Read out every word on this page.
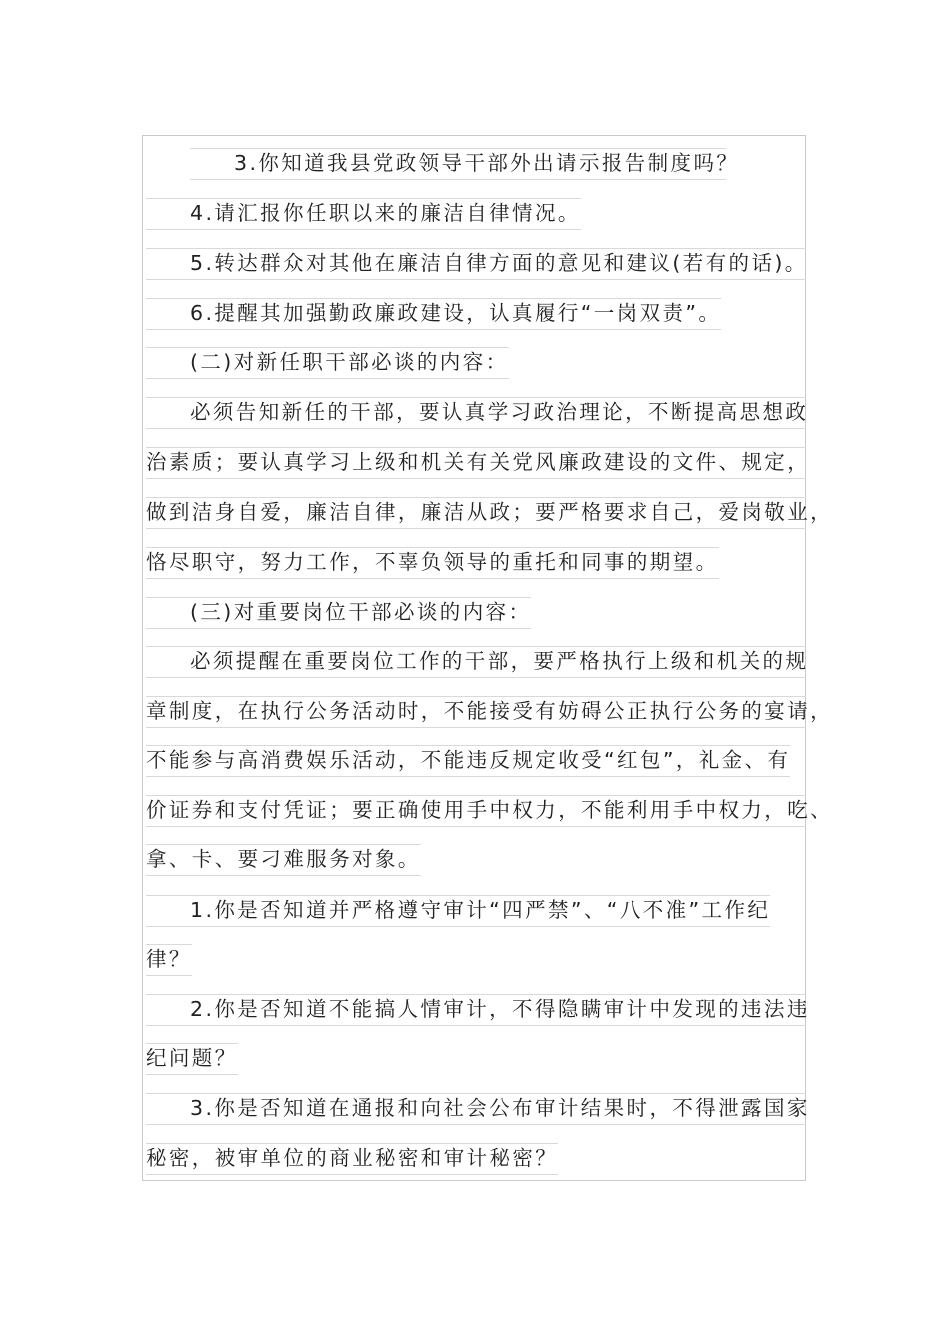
3.你知道我县党政领导干部外出请示报告制度吗？
4.请汇报你任职以来的廉洁自律情况。
5.转达群众对其他在廉洁自律方面的意见和建议(若有的话)。
6.提醒其加强勤政廉政建设，认真履行“一岗双责”。
(二)对新任职干部必谈的内容：
必须告知新任的干部，要认真学习政治理论，不断提高思想政
治素质；要认真学习上级和机关有关党风廉政建设的文件、规定，
做到洁身自爱，廉洁自律，廉洁从政；要严格要求自己，爱岗敬业，
恪尽职守，努力工作，不辜负领导的重托和同事的期望。
(三)对重要岗位干部必谈的内容：
必须提醒在重要岗位工作的干部，要严格执行上级和机关的规
章制度，在执行公务活动时，不能接受有妨碍公正执行公务的宴请，
不能参与高消费娱乐活动，不能违反规定收受“红包”，礼金、有
价证券和支付凭证；要正确使用手中权力，不能利用手中权力，吃、
拿、卡、要刁难服务对象。
1.你是否知道并严格遵守审计“四严禁”、“八不准”工作纪
律？
2.你是否知道不能搞人情审计，不得隐瞒审计中发现的违法违
纪问题？
3.你是否知道在通报和向社会公布审计结果时，不得泄露国家
秘密，被审单位的商业秘密和审计秘密？
